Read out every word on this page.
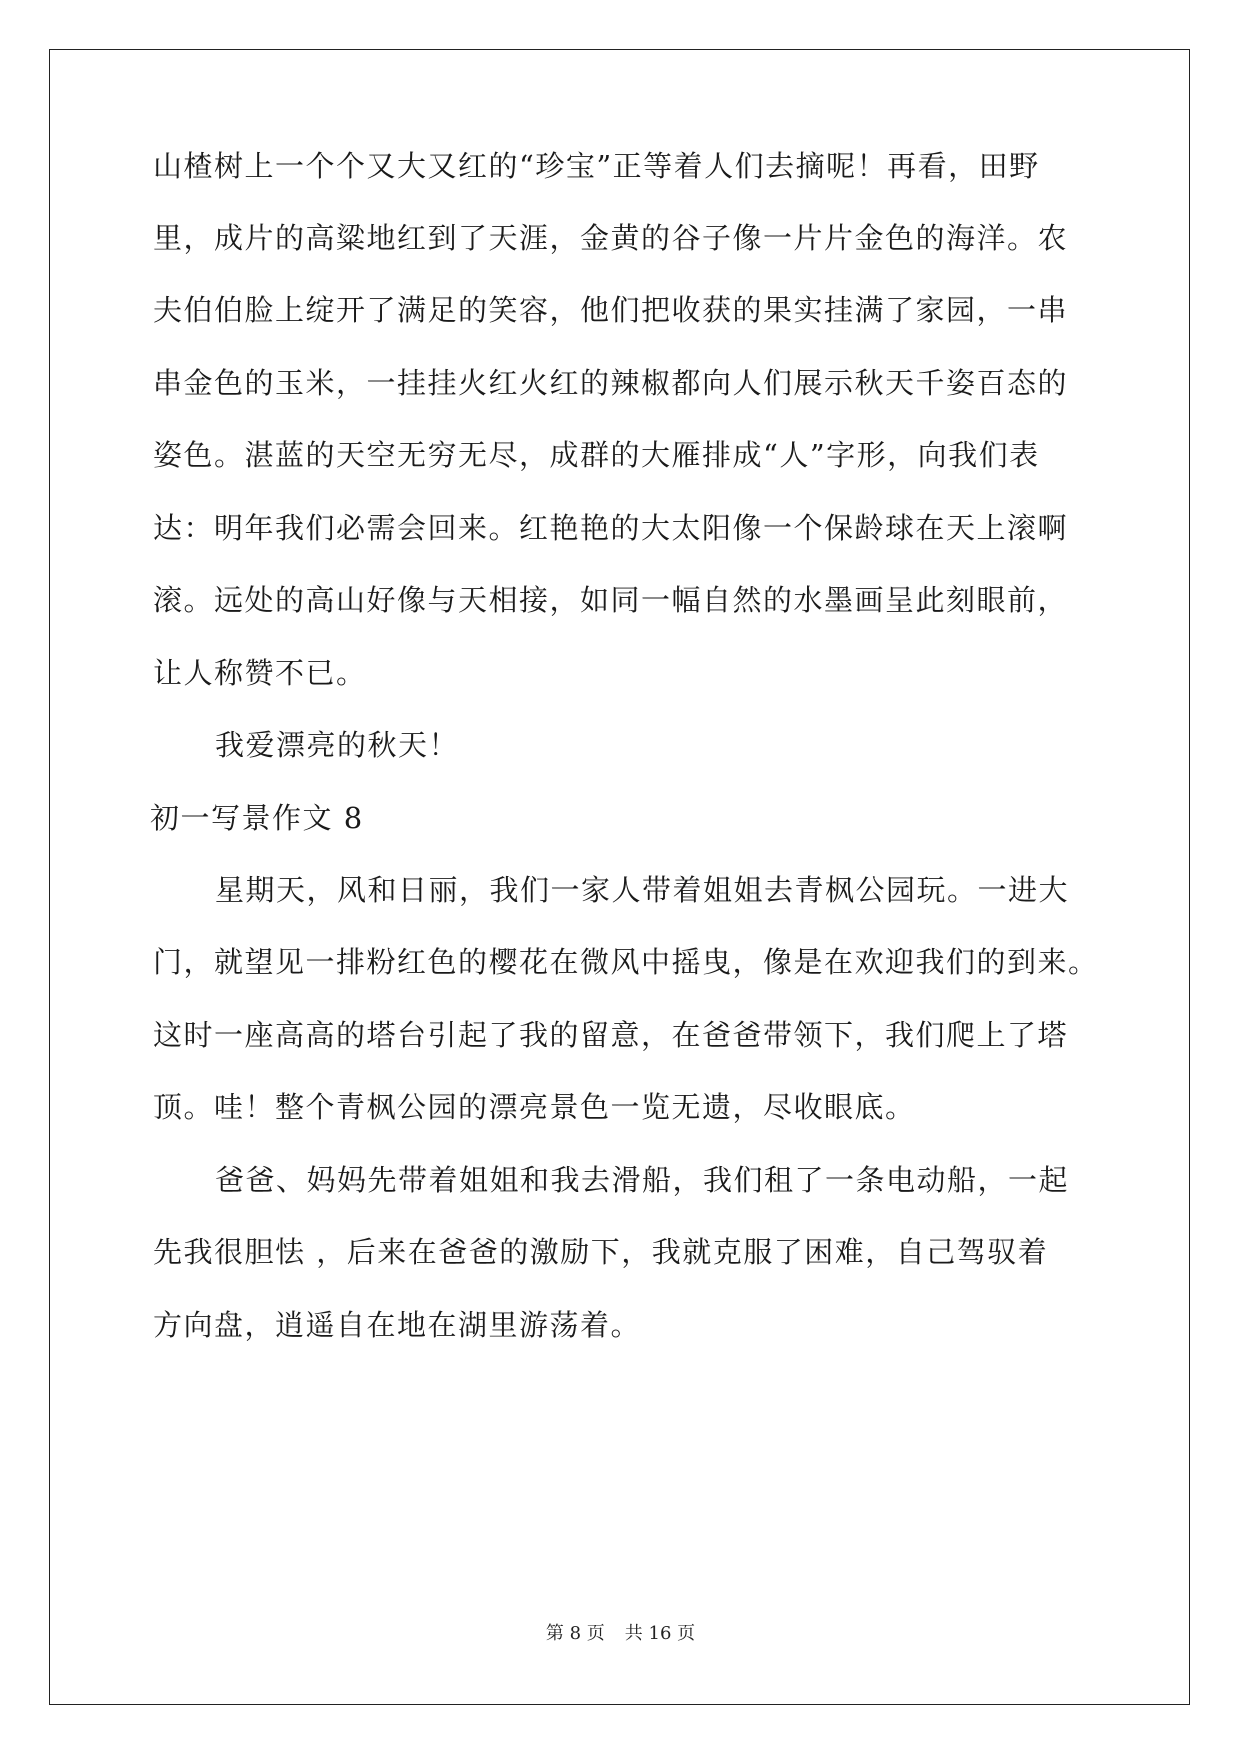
山楂树上一个个又大又红的“珍宝”正等着人们去摘呢！再看，田野
里，成片的高粱地红到了天涯，金黄的谷子像一片片金色的海洋。农
夫伯伯脸上绽开了满足的笑容，他们把收获的果实挂满了家园，一串
串金色的玉米，一挂挂火红火红的辣椒都向人们展示秋天千姿百态的
姿色。湛蓝的天空无穷无尽，成群的大雁排成“人”字形，向我们表
达：明年我们必需会回来。红艳艳的大太阳像一个保龄球在天上滚啊
滚。远处的高山好像与天相接，如同一幅自然的水墨画呈此刻眼前，
让人称赞不已。
我爱漂亮的秋天！
初一写景作文 8
星期天，风和日丽，我们一家人带着姐姐去青枫公园玩。一进大
门，就望见一排粉红色的樱花在微风中摇曳，像是在欢迎我们的到来。
这时一座高高的塔台引起了我的留意，在爸爸带领下，我们爬上了塔
顶。哇！整个青枫公园的漂亮景色一览无遗，尽收眼底。
爸爸、妈妈先带着姐姐和我去滑船，我们租了一条电动船，一起
先我很胆怯 ，后来在爸爸的激励下，我就克服了困难，自己驾驭着
方向盘，逍遥自在地在湖里游荡着。
第 8 页 共 16 页
